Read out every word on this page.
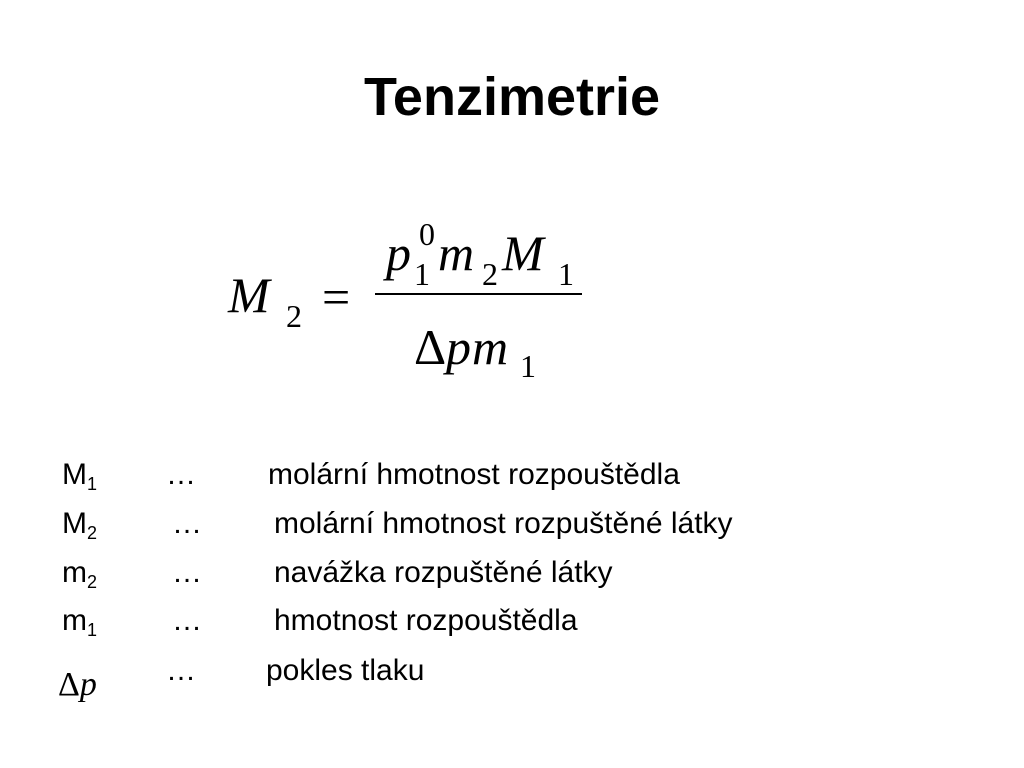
Tenzimetrie
M 2 =
p 0
1 m 2 M 1
Δ p m 1
$M_1$ … molární hmotnost rozpouštědla
$M_2$ … molární hmotnost rozpuštěné látky
$m_2$ … navážka rozpuštěné látky
$m_1$ … hmotnost rozpouštědla
Δp … pokles tlaku
